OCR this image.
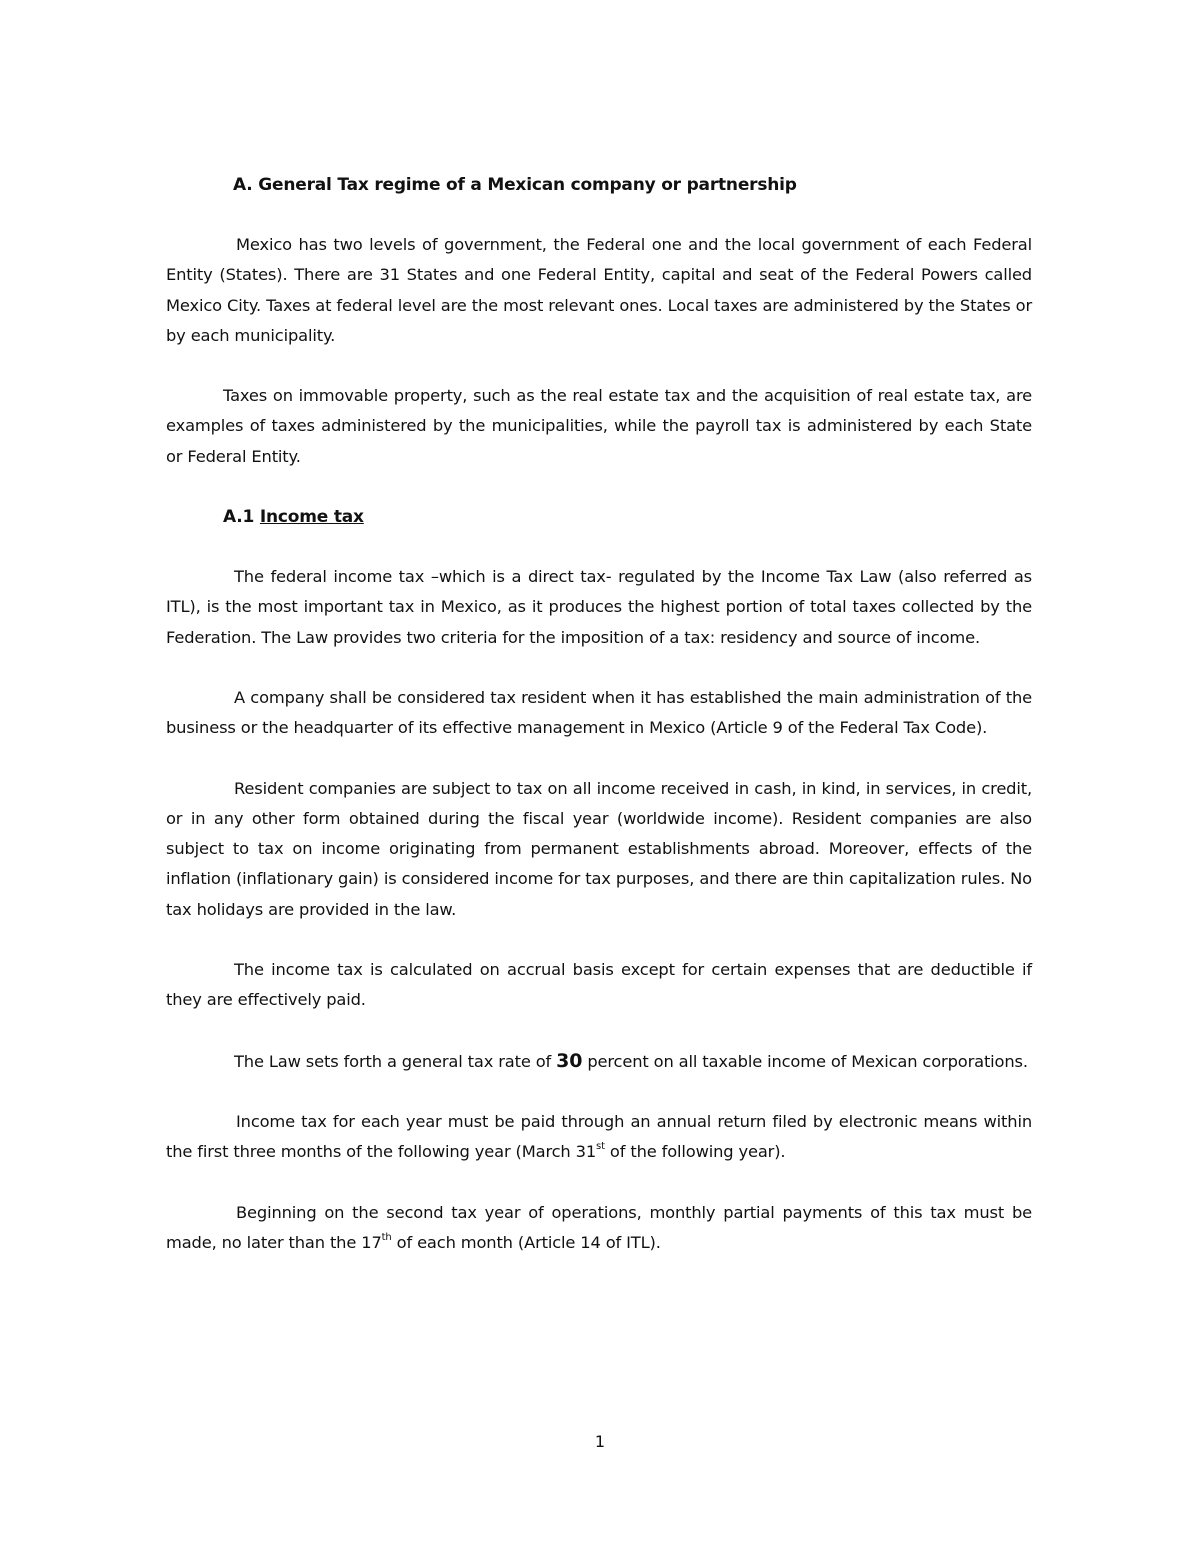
A. General Tax regime of a Mexican company or partnership

Mexico has two levels of government, the Federal one and the local government of each Federal Entity (States). There are 31 States and one Federal Entity, capital and seat of the Federal Powers called Mexico City. Taxes at federal level are the most relevant ones. Local taxes are administered by the States or by each municipality.

Taxes on immovable property, such as the real estate tax and the acquisition of real estate tax, are examples of taxes administered by the municipalities, while the payroll tax is administered by each State or Federal Entity.

A.1 Income tax

The federal income tax –which is a direct tax- regulated by the Income Tax Law (also referred as ITL), is the most important tax in Mexico, as it produces the highest portion of total taxes collected by the Federation. The Law provides two criteria for the imposition of a tax: residency and source of income.

A company shall be considered tax resident when it has established the main administration of the business or the headquarter of its effective management in Mexico (Article 9 of the Federal Tax Code).

Resident companies are subject to tax on all income received in cash, in kind, in services, in credit, or in any other form obtained during the fiscal year (worldwide income). Resident companies are also subject to tax on income originating from permanent establishments abroad. Moreover, effects of the inflation (inflationary gain) is considered income for tax purposes, and there are thin capitalization rules. No tax holidays are provided in the law.

The income tax is calculated on accrual basis except for certain expenses that are deductible if they are effectively paid.

The Law sets forth a general tax rate of 30 percent on all taxable income of Mexican corporations.

Income tax for each year must be paid through an annual return filed by electronic means within the first three months of the following year (March 31st of the following year).

Beginning on the second tax year of operations, monthly partial payments of this tax must be made, no later than the 17th of each month (Article 14 of ITL).

1
